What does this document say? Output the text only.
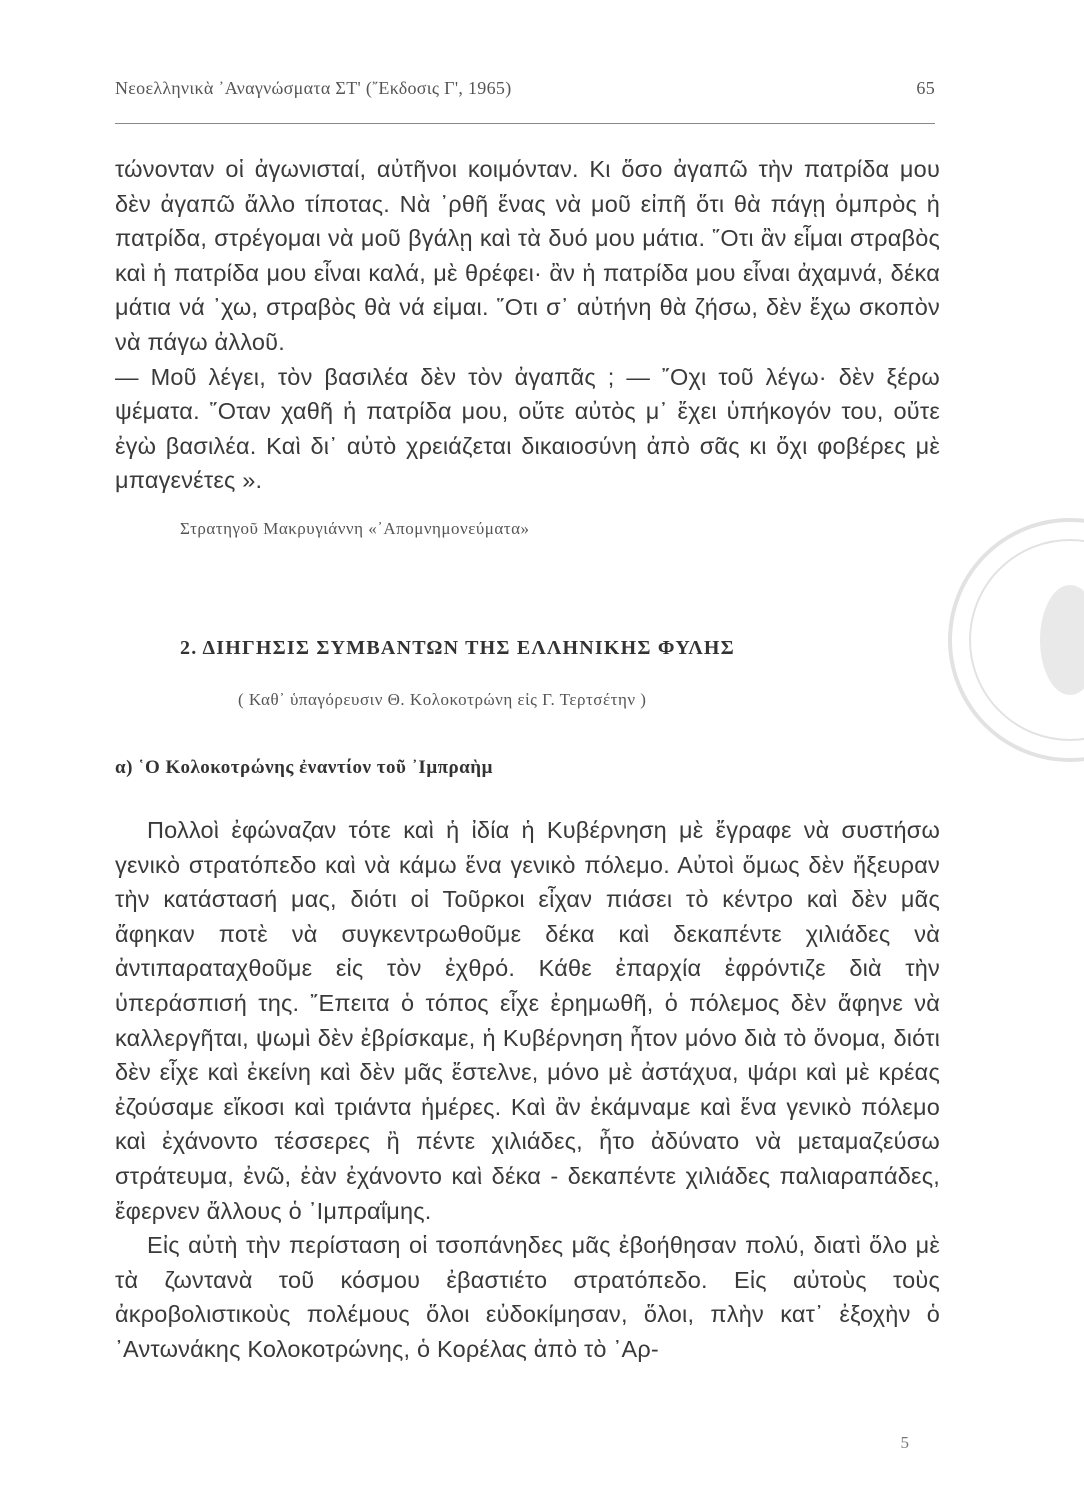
Νεοελληνικὰ ᾿Αναγνώσματα ΣΤ' (῎Εκδοσις Γ', 1965)	65

τώνονταν οἱ ἀγωνισταί, αὐτῆνοι κοιμόνταν. Κι ὅσο ἀγαπῶ τὴν πατρίδα μου δὲν ἀγαπῶ ἄλλο τίποτας. Νὰ ᾿ρθῆ ἕνας νὰ μοῦ εἰπῆ ὅτι θὰ πάγῃ ὀμπρὸς ἡ πατρίδα, στρέγομαι νὰ μοῦ βγάλῃ καὶ τὰ δυό μου μάτια. ῞Οτι ἂν εἶμαι στραβὸς καὶ ἡ πατρίδα μου εἶναι καλά, μὲ θρέφει· ἂν ἡ πατρίδα μου εἶναι ἀχαμνά, δέκα μάτια νά ᾿χω, στραβὸς θὰ νά εἰμαι. ῞Οτι σ᾿ αὐτήνη θὰ ζήσω, δὲν ἔχω σκοπὸν νὰ πάγω ἀλλοῦ.

— Μοῦ λέγει, τὸν βασιλέα δὲν τὸν ἀγαπᾶς ; — ῎Οχι τοῦ λέγω· δὲν ξέρω ψέματα. ῞Οταν χαθῆ ἡ πατρίδα μου, οὔτε αὐτὸς μ᾿ ἔχει ὑπήκογόν του, οὔτε ἐγὼ βασιλέα. Καὶ δι᾿ αὐτὸ χρειάζεται δικαιοσύνη ἀπὸ σᾶς κι ὄχι φοβέρες μὲ μπαγενέτες ».

Στρατηγοῦ Μακρυγιάννη «᾿Απομνημονεύματα»
2. ΔΙΗΓΗΣΙΣ ΣΥΜΒΑΝΤΩΝ ΤΗΣ ΕΛΛΗΝΙΚΗΣ ΦΥΛΗΣ
( Καθ᾿ ὑπαγόρευσιν Θ. Κολοκοτρώνη εἰς Γ. Τερτσέτην )
α) ῾Ο Κολοκοτρώνης ἐναντίον τοῦ ᾿Ιμπραὴμ

Πολλοὶ ἐφώναζαν τότε καὶ ἡ ἰδία ἡ Κυβέρνηση μὲ ἔγραφε νὰ συστήσω γενικὸ στρατόπεδο καὶ νὰ κάμω ἕνα γενικὸ πόλεμο. Αὐτοὶ ὅμως δὲν ἤξευραν τὴν κατάστασή μας, διότι οἱ Τοῦρκοι εἶχαν πιάσει τὸ κέντρο καὶ δὲν μᾶς ἄφηκαν ποτὲ νὰ συγκεντρωθοῦμε δέκα καὶ δεκαπέντε χιλιάδες νὰ ἀντιπαραταχθοῦμε εἰς τὸν ἐχθρό. Κάθε ἐπαρχία ἐφρόντιζε διὰ τὴν ὑπεράσπισή της. ῎Επειτα ὁ τόπος εἶχε ἐρημωθῆ, ὁ πόλεμος δὲν ἄφηνε νὰ καλλεργῆται, ψωμὶ δὲν ἐβρίσκαμε, ἡ Κυβέρνηση ἦτον μόνο διὰ τὸ ὄνομα, διότι δὲν εἶχε καὶ ἐκείνη καὶ δὲν μᾶς ἔστελνε, μόνο μὲ ἀστάχυα, ψάρι καὶ μὲ κρέας ἐζούσαμε εἴκοσι καὶ τριάντα ἡμέρες. Καὶ ἂν ἐκάμναμε καὶ ἕνα γενικὸ πόλεμο καὶ ἐχάνοντο τέσσερες ἢ πέντε χιλιάδες, ἦτο ἀδύνατο νὰ μεταμαζεύσω στράτευμα, ἐνῶ, ἐὰν ἐχάνοντο καὶ δέκα - δεκαπέντε χιλιάδες παλιαραπάδες, ἔφερνεν ἄλλους ὁ ᾿Ιμπραΐμης.

Εἰς αὐτὴ τὴν περίσταση οἱ τσοπάνηδες μᾶς ἐβοήθησαν πολύ, διατὶ ὅλο μὲ τὰ ζωντανὰ τοῦ κόσμου ἐβαστιέτο στρατόπεδο. Εἰς αὐτοὺς τοὺς ἀκροβολιστικοὺς πολέμους ὅλοι εὐδοκίμησαν, ὅλοι, πλὴν κατ᾿ ἐξοχὴν ὁ ᾿Αντωνάκης Κολοκοτρώνης, ὁ Κορέλας ἀπὸ τὸ ᾿Αρ-

5
